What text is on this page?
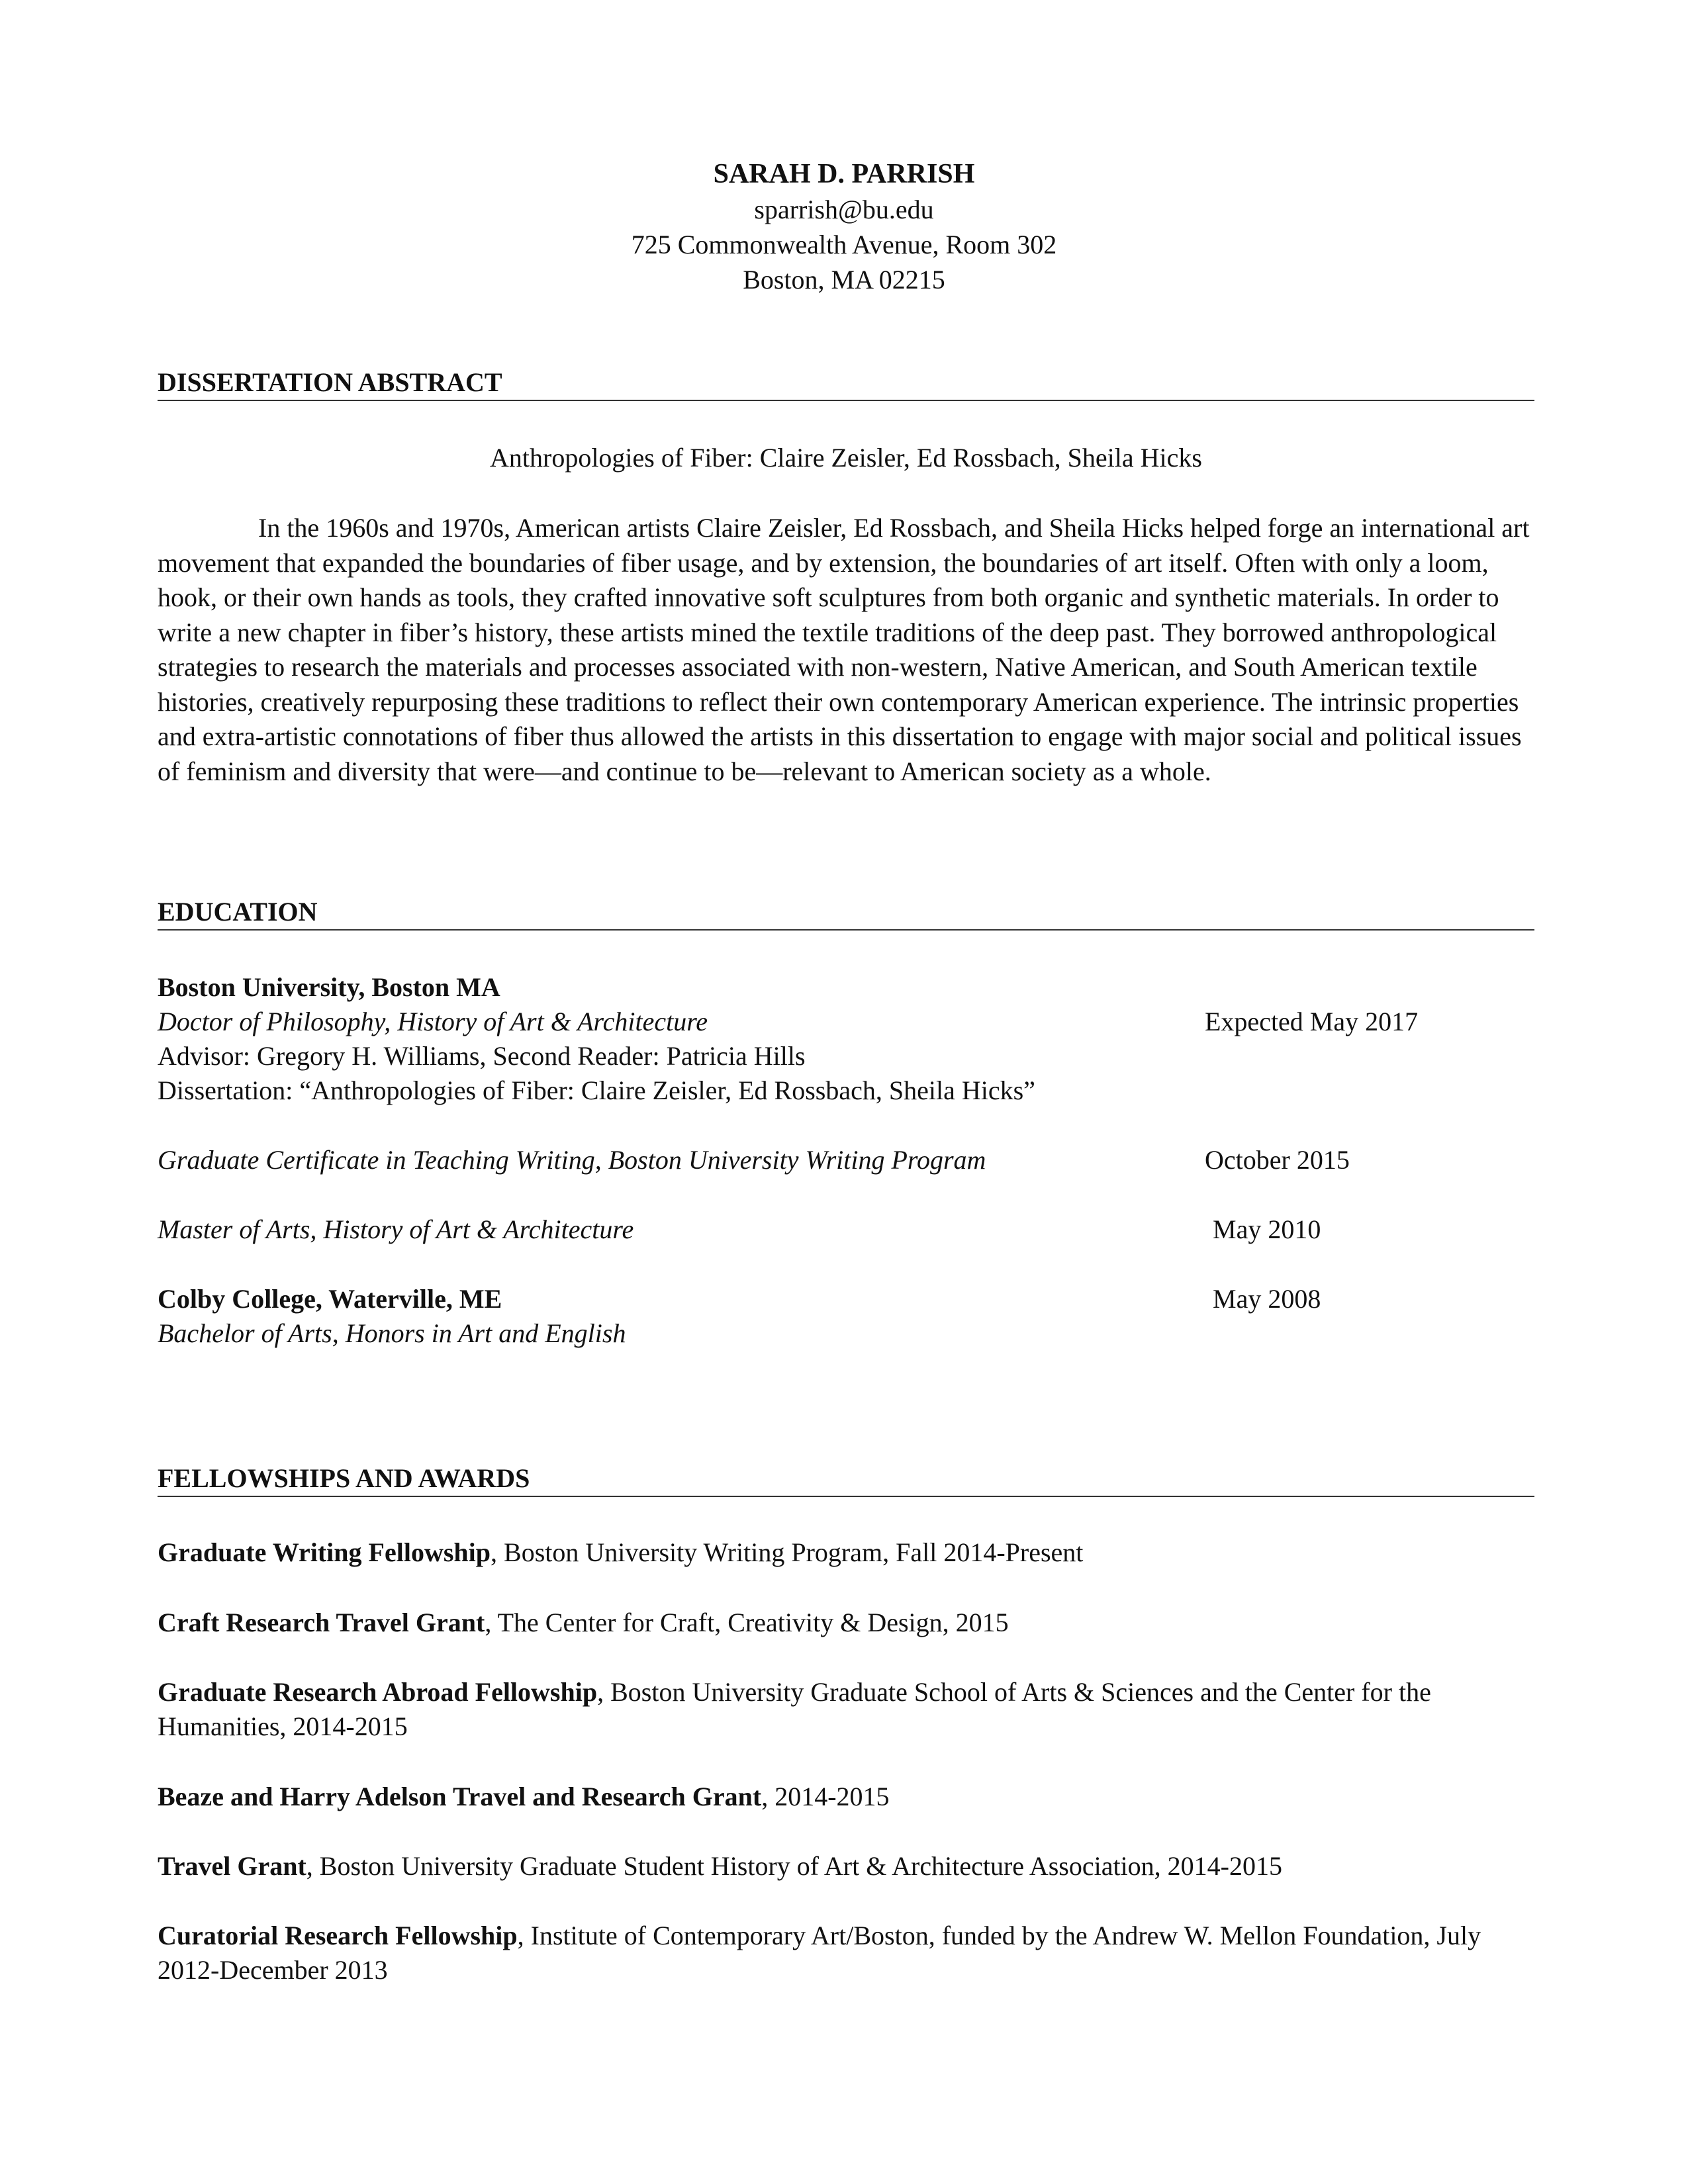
SARAH D. PARRISH
sparrish@bu.edu
725 Commonwealth Avenue, Room 302
Boston, MA 02215
DISSERTATION ABSTRACT
Anthropologies of Fiber: Claire Zeisler, Ed Rossbach, Sheila Hicks
In the 1960s and 1970s, American artists Claire Zeisler, Ed Rossbach, and Sheila Hicks helped forge an international art movement that expanded the boundaries of fiber usage, and by extension, the boundaries of art itself. Often with only a loom, hook, or their own hands as tools, they crafted innovative soft sculptures from both organic and synthetic materials. In order to write a new chapter in fiber’s history, these artists mined the textile traditions of the deep past. They borrowed anthropological strategies to research the materials and processes associated with non-western, Native American, and South American textile histories, creatively repurposing these traditions to reflect their own contemporary American experience. The intrinsic properties and extra-artistic connotations of fiber thus allowed the artists in this dissertation to engage with major social and political issues of feminism and diversity that were—and continue to be—relevant to American society as a whole.
EDUCATION
Boston University, Boston MA
Doctor of Philosophy, History of Art & Architecture	Expected May 2017
Advisor: Gregory H. Williams, Second Reader: Patricia Hills
Dissertation: “Anthropologies of Fiber: Claire Zeisler, Ed Rossbach, Sheila Hicks”
Graduate Certificate in Teaching Writing, Boston University Writing Program	October 2015
Master of Arts, History of Art & Architecture	May 2010
Colby College, Waterville, ME	May 2008
Bachelor of Arts, Honors in Art and English
FELLOWSHIPS AND AWARDS
Graduate Writing Fellowship, Boston University Writing Program, Fall 2014-Present
Craft Research Travel Grant, The Center for Craft, Creativity & Design, 2015
Graduate Research Abroad Fellowship, Boston University Graduate School of Arts & Sciences and the Center for the Humanities, 2014-2015
Beaze and Harry Adelson Travel and Research Grant, 2014-2015
Travel Grant, Boston University Graduate Student History of Art & Architecture Association, 2014-2015
Curatorial Research Fellowship, Institute of Contemporary Art/Boston, funded by the Andrew W. Mellon Foundation, July 2012-December 2013
